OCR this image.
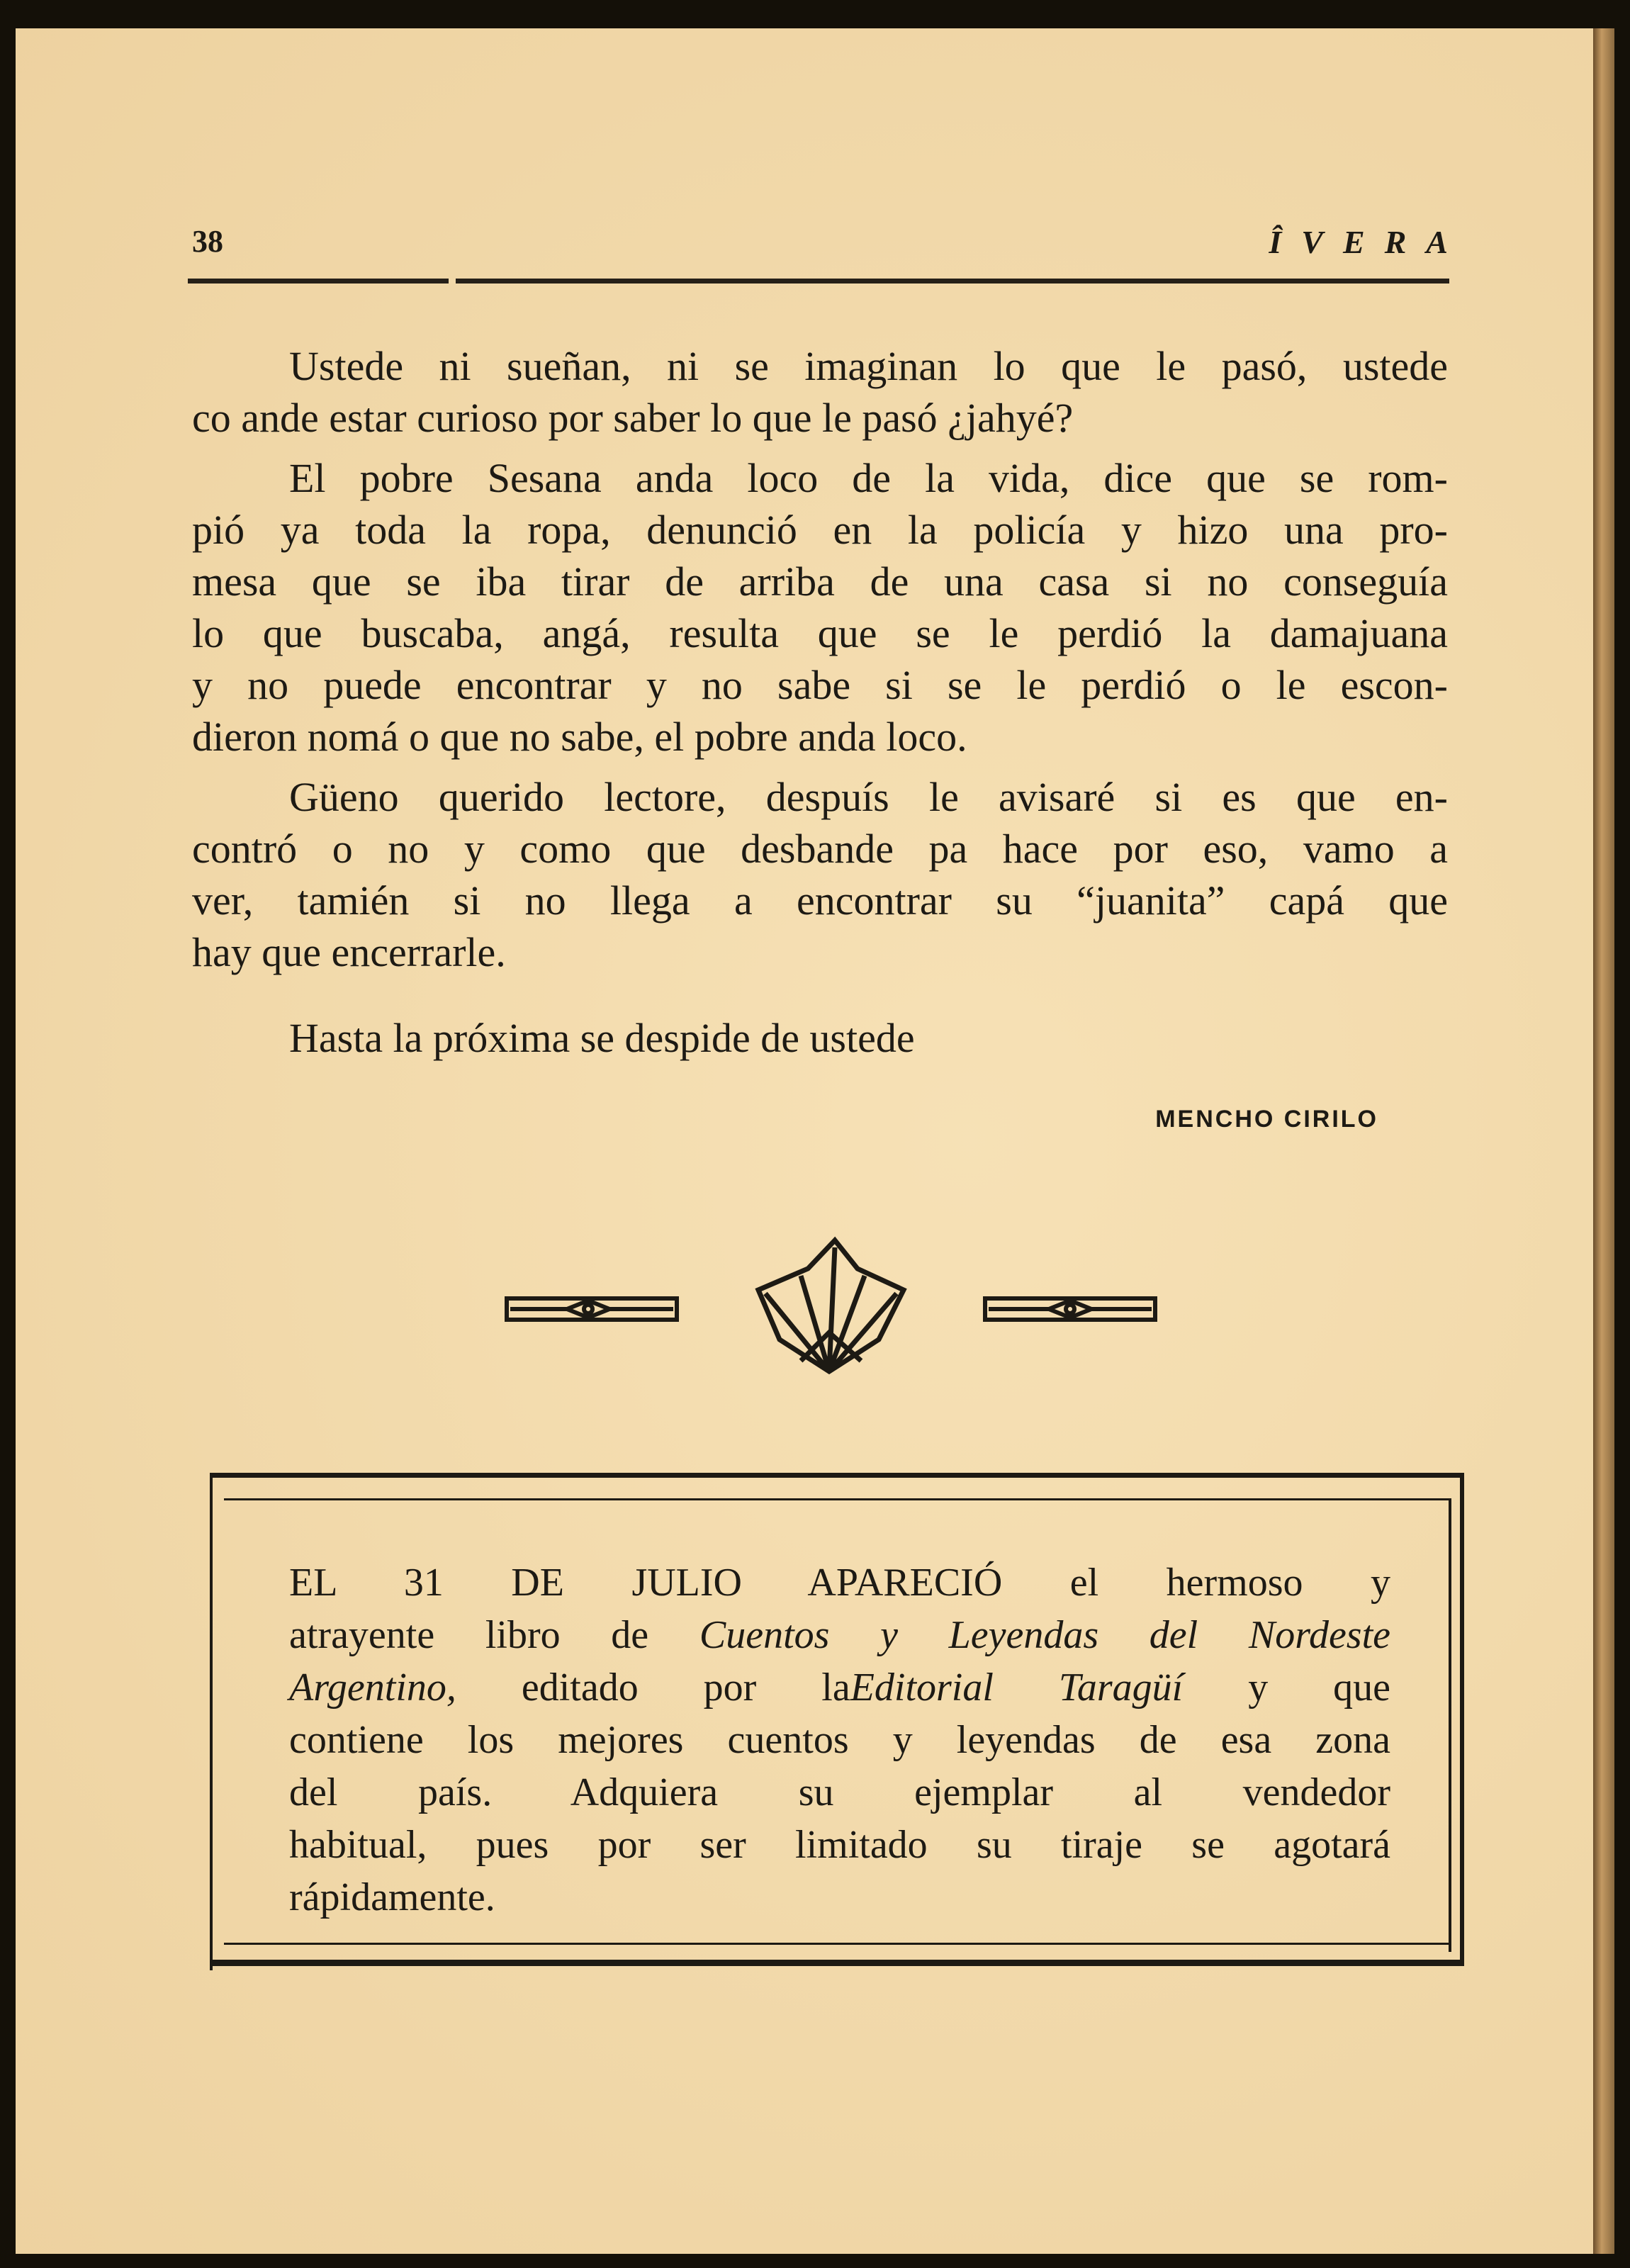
38	ÎVERA
Ustede ni sueñan, ni se imaginan lo que le pasó, ustede
co ande estar curioso por saber lo que le pasó ¿jahyé?
El pobre Sesana anda loco de la vida, dice que se rom-
pió ya toda la ropa, denunció en la policía y hizo una pro-
mesa que se iba tirar de arriba de una casa si no conseguía
lo que buscaba, angá, resulta que se le perdió la damajuana
y no puede encontrar y no sabe si se le perdió o le escon-
dieron nomá o que no sabe, el pobre anda loco.
Güeno querido lectore, despuís le avisaré si es que en-
contró o no y como que desbande pa hace por eso, vamo a
ver, tamién si no llega a encontrar su “juanita” capá que
hay que encerrarle.
Hasta la próxima se despide de ustede
MENCHO CIRILO
EL 31 DE JULIO APARECIÓ el hermoso y
atrayente libro de Cuentos y Leyendas del Nordeste
Argentino, editado por laEditorial Taragüí y que
contiene los mejores cuentos y leyendas de esa zona
del país. Adquiera su ejemplar al vendedor
habitual, pues por ser limitado su tiraje se agotará
rápidamente.
